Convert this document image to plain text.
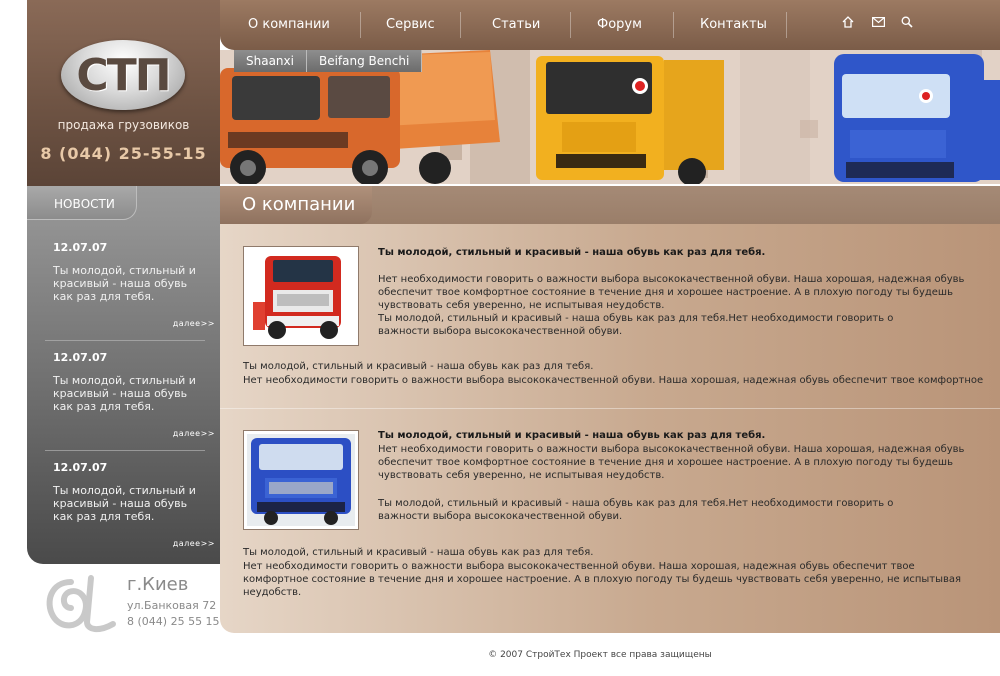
СТП
продажа грузовиков
8 (044) 25-55-15
НОВОСТИ
12.07.07
Ты молодой, стильный и красивый - наша обувь как раз для тебя.
далее>>
12.07.07
Ты молодой, стильный и красивый - наша обувь как раз для тебя.
далее>>
12.07.07
Ты молодой, стильный и красивый - наша обувь как раз для тебя.
далее>>
г.Киев
ул.Банковая 72
8 (044) 25 55 15
О компании	Сервис	Статьи	Форум	Контакты
Shaanxi	Beifang Benchi
О компании
Ты молодой, стильный и красивый - наша обувь как раз для тебя.
Нет необходимости говорить о важности выбора высококачественной обуви. Наша хорошая, надежная обувь обеспечит твое комфортное состояние в течение дня и хорошее настроение. А в плохую погоду ты будешь чувствовать себя уверенно, не испытывая неудобств.
Ты молодой, стильный и красивый - наша обувь как раз для тебя.Нет необходимости говорить о важности выбора высококачественной обуви.
Ты молодой, стильный и красивый - наша обувь как раз для тебя.
Нет необходимости говорить о важности выбора высококачественной обуви. Наша хорошая, надежная обувь обеспечит твое комфортное
Ты молодой, стильный и красивый - наша обувь как раз для тебя.
Нет необходимости говорить о важности выбора высококачественной обуви. Наша хорошая, надежная обувь обеспечит твое комфортное состояние в течение дня и хорошее настроение. А в плохую погоду ты будешь чувствовать себя уверенно, не испытывая неудобств.
Ты молодой, стильный и красивый - наша обувь как раз для тебя.Нет необходимости говорить о важности выбора высококачественной обуви.
Ты молодой, стильный и красивый - наша обувь как раз для тебя.
Нет необходимости говорить о важности выбора высококачественной обуви. Наша хорошая, надежная обувь обеспечит твое комфортное состояние в течение дня и хорошее настроение. А в плохую погоду ты будешь чувствовать себя уверенно, не испытывая неудобств.
© 2007 СтройТех Проект все права защищены
